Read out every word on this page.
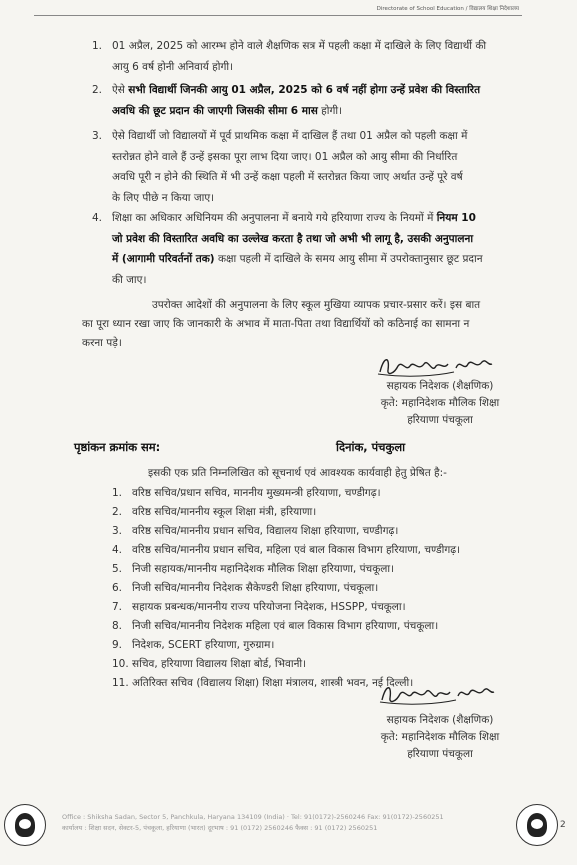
Directorate of School Education / विद्यालय शिक्षा निदेशालय
1. 01 अप्रैल, 2025 को आरम्भ होने वाले शैक्षणिक सत्र में पहली कक्षा में दाखिले के लिए विद्यार्थी की
आयु 6 वर्ष होनी अनिवार्य होगी।
2. ऐसे सभी विद्यार्थी जिनकी आयु 01 अप्रैल, 2025 को 6 वर्ष नहीं होगा उन्हें प्रवेश की विस्तारित
अवधि की छूट प्रदान की जाएगी जिसकी सीमा 6 मास होगी।
3. ऐसे विद्यार्थी जो विद्यालयों में पूर्व प्राथमिक कक्षा में दाखिल हैं तथा 01 अप्रैल को पहली कक्षा में
स्तरोन्नत होने वाले हैं उन्हें इसका पूरा लाभ दिया जाए। 01 अप्रैल को आयु सीमा की निर्धारित
अवधि पूरी न होने की स्थिति में भी उन्हें कक्षा पहली में स्तरोन्नत किया जाए अर्थात उन्हें पूरे वर्ष
के लिए पीछे न किया जाए।
4. शिक्षा का अधिकार अधिनियम की अनुपालना में बनाये गये हरियाणा राज्य के नियमों में नियम 10
जो प्रवेश की विस्तारित अवधि का उल्लेख करता है तथा जो अभी भी लागू है, उसकी अनुपालना
में (आगामी परिवर्तनों तक) कक्षा पहली में दाखिले के समय आयु सीमा में उपरोक्तानुसार छूट प्रदान
की जाए।
उपरोक्त आदेशों की अनुपालना के लिए स्कूल मुखिया व्यापक प्रचार-प्रसार करें। इस बात
का पूरा ध्यान रखा जाए कि जानकारी के अभाव में माता-पिता तथा विद्यार्थियों को कठिनाई का सामना न
करना पड़े।
सहायक निदेशक (शैक्षणिक)
कृते: महानिदेशक मौलिक शिक्षा
हरियाणा पंचकूला
पृष्ठांकन क्रमांक सम:	दिनांक, पंचकुला
इसकी एक प्रति निम्नलिखित को सूचनार्थ एवं आवश्यक कार्यवाही हेतु प्रेषित है:-
1. वरिष्ठ सचिव/प्रधान सचिव, माननीय मुख्यमन्त्री हरियाणा, चण्डीगढ़।
2. वरिष्ठ सचिव/माननीय स्कूल शिक्षा मंत्री, हरियाणा।
3. वरिष्ठ सचिव/माननीय प्रधान सचिव, विद्यालय शिक्षा हरियाणा, चण्डीगढ़।
4. वरिष्ठ सचिव/माननीय प्रधान सचिव, महिला एवं बाल विकास विभाग हरियाणा, चण्डीगढ़।
5. निजी सहायक/माननीय महानिदेशक मौलिक शिक्षा हरियाणा, पंचकूला।
6. निजी सचिव/माननीय निदेशक सैकेण्डरी शिक्षा हरियाणा, पंचकूला।
7. सहायक प्रबन्धक/माननीय राज्य परियोजना निदेशक, HSSPP, पंचकूला।
8. निजी सचिव/माननीय निदेशक महिला एवं बाल विकास विभाग हरियाणा, पंचकूला।
9. निदेशक, SCERT हरियाणा, गुरुग्राम।
10. सचिव, हरियाणा विद्यालय शिक्षा बोर्ड, भिवानी।
11. अतिरिक्त सचिव (विद्यालय शिक्षा) शिक्षा मंत्रालय, शास्त्री भवन, नई दिल्ली।
सहायक निदेशक (शैक्षणिक)
कृते: महानिदेशक मौलिक शिक्षा
हरियाणा पंचकूला
Office : Shiksha Sadan, Sector 5, Panchkula, Haryana 134109 (India) · Tel: 91(0172)-2560246 Fax: 91(0172)-2560251
कार्यालय : शिक्षा सदन, सेक्टर-5, पंचकूला, हरियाणा (भारत) दूरभाष : 91 (0172) 2560246 फैक्स : 91 (0172) 2560251	2
